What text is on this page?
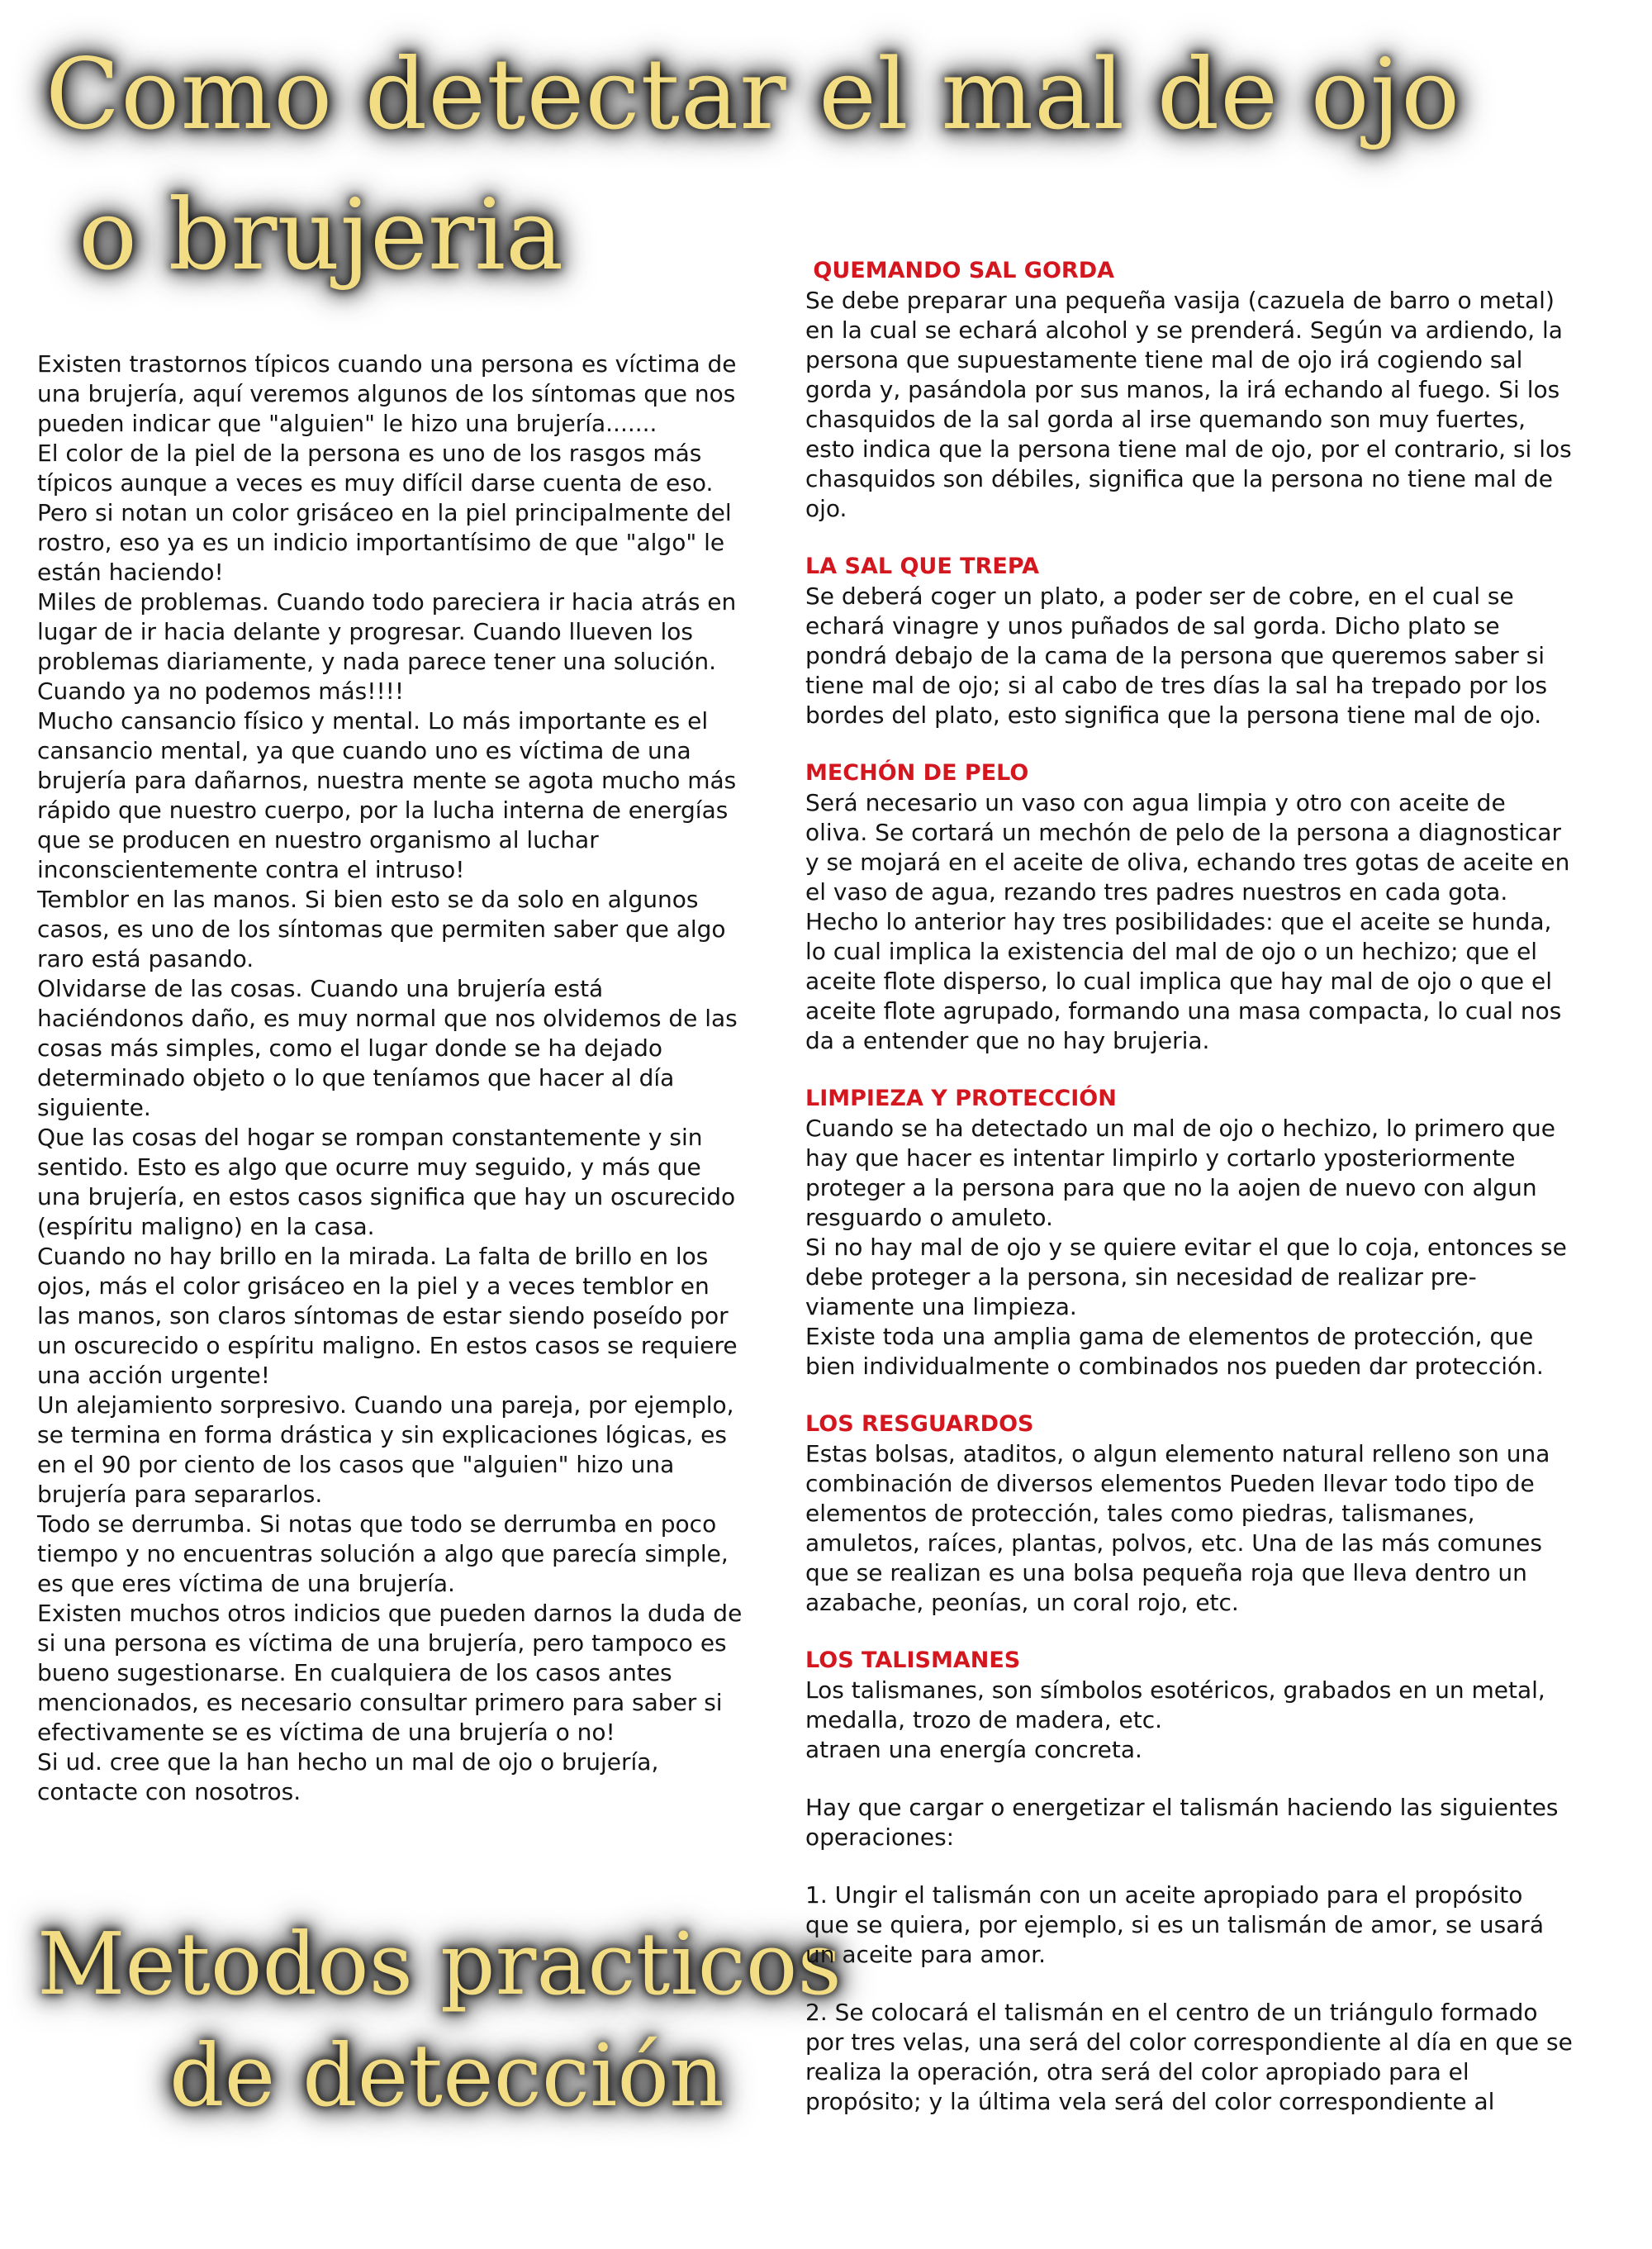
Como detectar el mal de ojo
o brujeria

Existen trastornos típicos cuando una persona es víctima de una brujería, aquí veremos algunos de los síntomas que nos pueden indicar que "alguien" le hizo una brujería.......

El color de la piel de la persona es uno de los rasgos más típicos aunque a veces es muy difícil darse cuenta de eso. Pero si notan un color grisáceo en la piel principalmente del rostro, eso ya es un indicio importantísimo de que "algo" le están haciendo!

Miles de problemas. Cuando todo pareciera ir hacia atrás en lugar de ir hacia delante y progresar. Cuando llueven los problemas diariamente, y nada parece tener una solución. Cuando ya no podemos más!!!!

Mucho cansancio físico y mental. Lo más importante es el cansancio mental, ya que cuando uno es víctima de una brujería para dañarnos, nuestra mente se agota mucho más rápido que nuestro cuerpo, por la lucha interna de energías que se producen en nuestro organismo al luchar inconscientemente contra el intruso!

Temblor en las manos. Si bien esto se da solo en algunos casos, es uno de los síntomas que permiten saber que algo raro está pasando.

Olvidarse de las cosas. Cuando una brujería está haciéndonos daño, es muy normal que nos olvidemos de las cosas más simples, como el lugar donde se ha dejado determinado objeto o lo que teníamos que hacer al día siguiente.

Que las cosas del hogar se rompan constantemente y sin sentido. Esto es algo que ocurre muy seguido, y más que una brujería, en estos casos significa que hay un oscurecido (espíritu maligno) en la casa.

Cuando no hay brillo en la mirada. La falta de brillo en los ojos, más el color grisáceo en la piel y a veces temblor en las manos, son claros síntomas de estar siendo poseído por un oscurecido o espíritu maligno. En estos casos se requiere una acción urgente!

Un alejamiento sorpresivo. Cuando una pareja, por ejemplo, se termina en forma drástica y sin explicaciones lógicas, es en el 90 por ciento de los casos que "alguien" hizo una brujería para separarlos.

Todo se derrumba. Si notas que todo se derrumba en poco tiempo y no encuentras solución a algo que parecía simple, es que eres víctima de una brujería.

Existen muchos otros indicios que pueden darnos la duda de si una persona es víctima de una brujería, pero tampoco es bueno sugestionarse. En cualquiera de los casos antes mencionados, es necesario consultar primero para saber si efectivamente se es víctima de una brujería o no!

Si ud. cree que la han hecho un mal de ojo o brujería, contacte con nosotros.

Metodos practicos
de detección
QUEMANDO SAL GORDA

Se debe preparar una pequeña vasija (cazuela de barro o metal) en la cual se echará alcohol y se prenderá. Según va ardiendo, la persona que supuestamente tiene mal de ojo irá cogiendo sal gorda y, pasándola por sus manos, la irá echando al fuego. Si los chasquidos de la sal gorda al irse quemando son muy fuertes, esto indica que la persona tiene mal de ojo, por el contrario, si los chasquidos son débiles, significa que la persona no tiene mal de ojo.

LA SAL QUE TREPA

Se deberá coger un plato, a poder ser de cobre, en el cual se echará vinagre y unos puñados de sal gorda. Dicho plato se pondrá debajo de la cama de la persona que queremos saber si tiene mal de ojo; si al cabo de tres días la sal ha trepado por los bordes del plato, esto significa que la persona tiene mal de ojo.

MECHÓN DE PELO

Será necesario un vaso con agua limpia y otro con aceite de oliva. Se cortará un mechón de pelo de la persona a diagnosticar y se mojará en el aceite de oliva, echando tres gotas de aceite en el vaso de agua, rezando tres padres nuestros en cada gota. Hecho lo anterior hay tres posibilidades: que el aceite se hunda, lo cual implica la existencia del mal de ojo o un hechizo; que el aceite flote disperso, lo cual implica que hay mal de ojo o que el aceite flote agrupado, formando una masa compacta, lo cual nos da a entender que no hay brujeria.

LIMPIEZA Y PROTECCIÓN

Cuando se ha detectado un mal de ojo o hechizo, lo primero que hay que hacer es intentar limpirlo y cortarlo yposteriormente proteger a la persona para que no la aojen de nuevo con algun resguardo o amuleto.

Si no hay mal de ojo y se quiere evitar el que lo coja, entonces se debe proteger a la persona, sin necesidad de realizar pre-viamente una limpieza.

Existe toda una amplia gama de elementos de protección, que bien individualmente o combinados nos pueden dar protección.

LOS RESGUARDOS

Estas bolsas, ataditos, o algun elemento natural relleno son una combinación de diversos elementos Pueden llevar todo tipo de elementos de protección, tales como piedras, talismanes, amuletos, raíces, plantas, polvos, etc. Una de las más comunes que se realizan es una bolsa pequeña roja que lleva dentro un azabache, peonías, un coral rojo, etc.

LOS TALISMANES

Los talismanes, son símbolos esotéricos, grabados en un metal, medalla, trozo de madera, etc.

atraen una energía concreta.

Hay que cargar o energetizar el talismán haciendo las siguientes operaciones:

1. Ungir el talismán con un aceite apropiado para el propósito que se quiera, por ejemplo, si es un talismán de amor, se usará un aceite para amor.

2. Se colocará el talismán en el centro de un triángulo formado por tres velas, una será del color correspondiente al día en que se realiza la operación, otra será del color apropiado para el propósito; y la última vela será del color correspondiente al
